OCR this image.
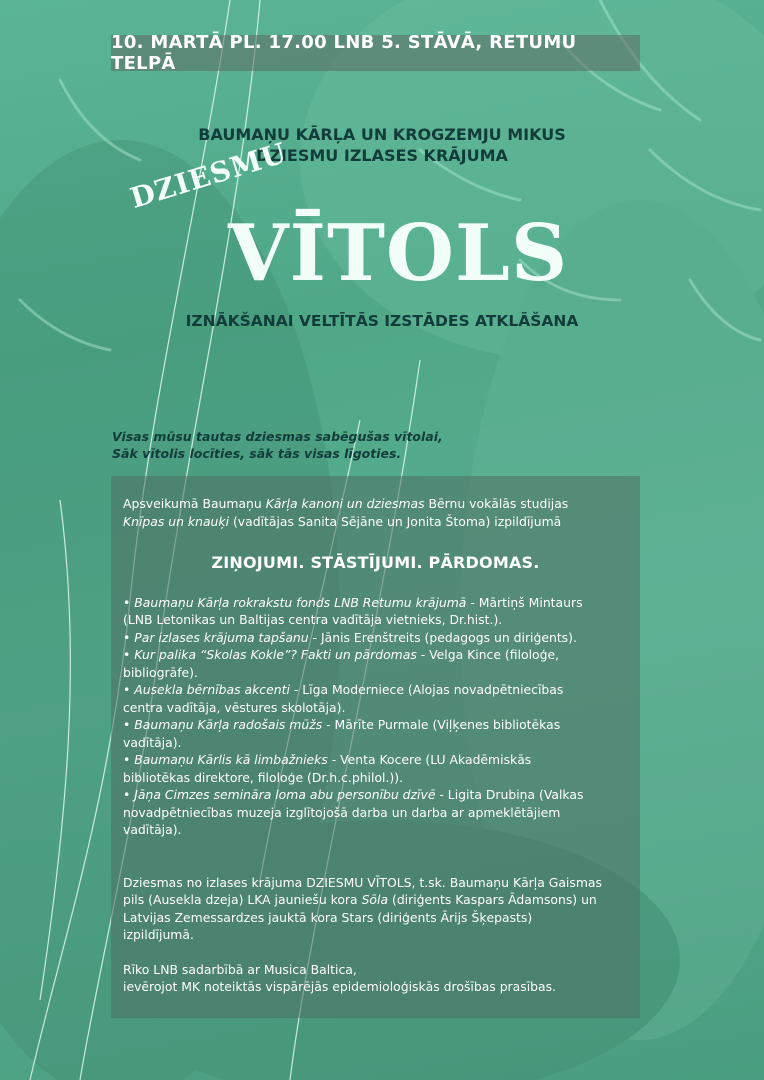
10. MARTĀ PL. 17.00 LNB 5. STĀVĀ, RETUMU TELPĀ
BAUMAŅU KĀRĻA UN KROGZEMJU MIKUS
DZIESMU IZLASES KRĀJUMA
DZIESMU
VĪTOLS
IZNĀKŠANAI VELTĪTĀS IZSTĀDES ATKLĀŠANA
Visas mūsu tautas dziesmas sabēgušas vītolai,
Sāk vītolis locīties, sāk tās visas līgoties.

Apsveikumā Baumaņu Kārļa kanoni un dziesmas Bērnu vokālās studijas
Knīpas un knauķi (vadītājas Sanita Sējāne un Jonita Štoma) izpildījumā

ZIŅOJUMI. STĀSTĪJUMI. PĀRDOMAS.
• Baumaņu Kārļa rokrakstu fonds LNB Retumu krājumā - Mārtiņš Mintaurs
(LNB Letonikas un Baltijas centra vadītāja vietnieks, Dr.hist.).
• Par izlases krājuma tapšanu - Jānis Erenštreits (pedagogs un diriģents).
• Kur palika “Skolas Kokle”? Fakti un pārdomas - Velga Kince (filoloģe,
bibliogrāfe).
• Auseklа bērnības akcenti - Līga Moderniece (Alojas novadpētniecības
centra vadītāja, vēstures skolotāja).
• Baumaņu Kārļa radošais mūžs - Mārīte Purmale (Viļķenes bibliotēkas
vadītāja).
• Baumaņu Kārlis kā limbažnieks - Venta Kocere (LU Akadēmiskās
bibliotēkas direktore, filoloģe (Dr.h.c.philol.)).
• Jāņa Cimzes semināra loma abu personību dzīvē - Ligita Drubiņa (Valkas
novadpētniecības muzeja izglītojošā darba un darba ar apmeklētājiem
vadītāja).

Dziesmas no izlases krājuma DZIESMU VĪTOLS, t.sk. Baumaņu Kārļa Gaismas
pils (Auseklа dzeja) LKA jauniešu kora Sōla (diriģents Kaspars Ādamsons) un
Latvijas Zemessardzes jauktā kora Stars (diriģents Ārijs Šķepasts)
izpildījumā.

Rīko LNB sadarbībā ar Musica Baltica,
ievērojot MK noteiktās vispārējās epidemioloģiskās drošības prasības.
